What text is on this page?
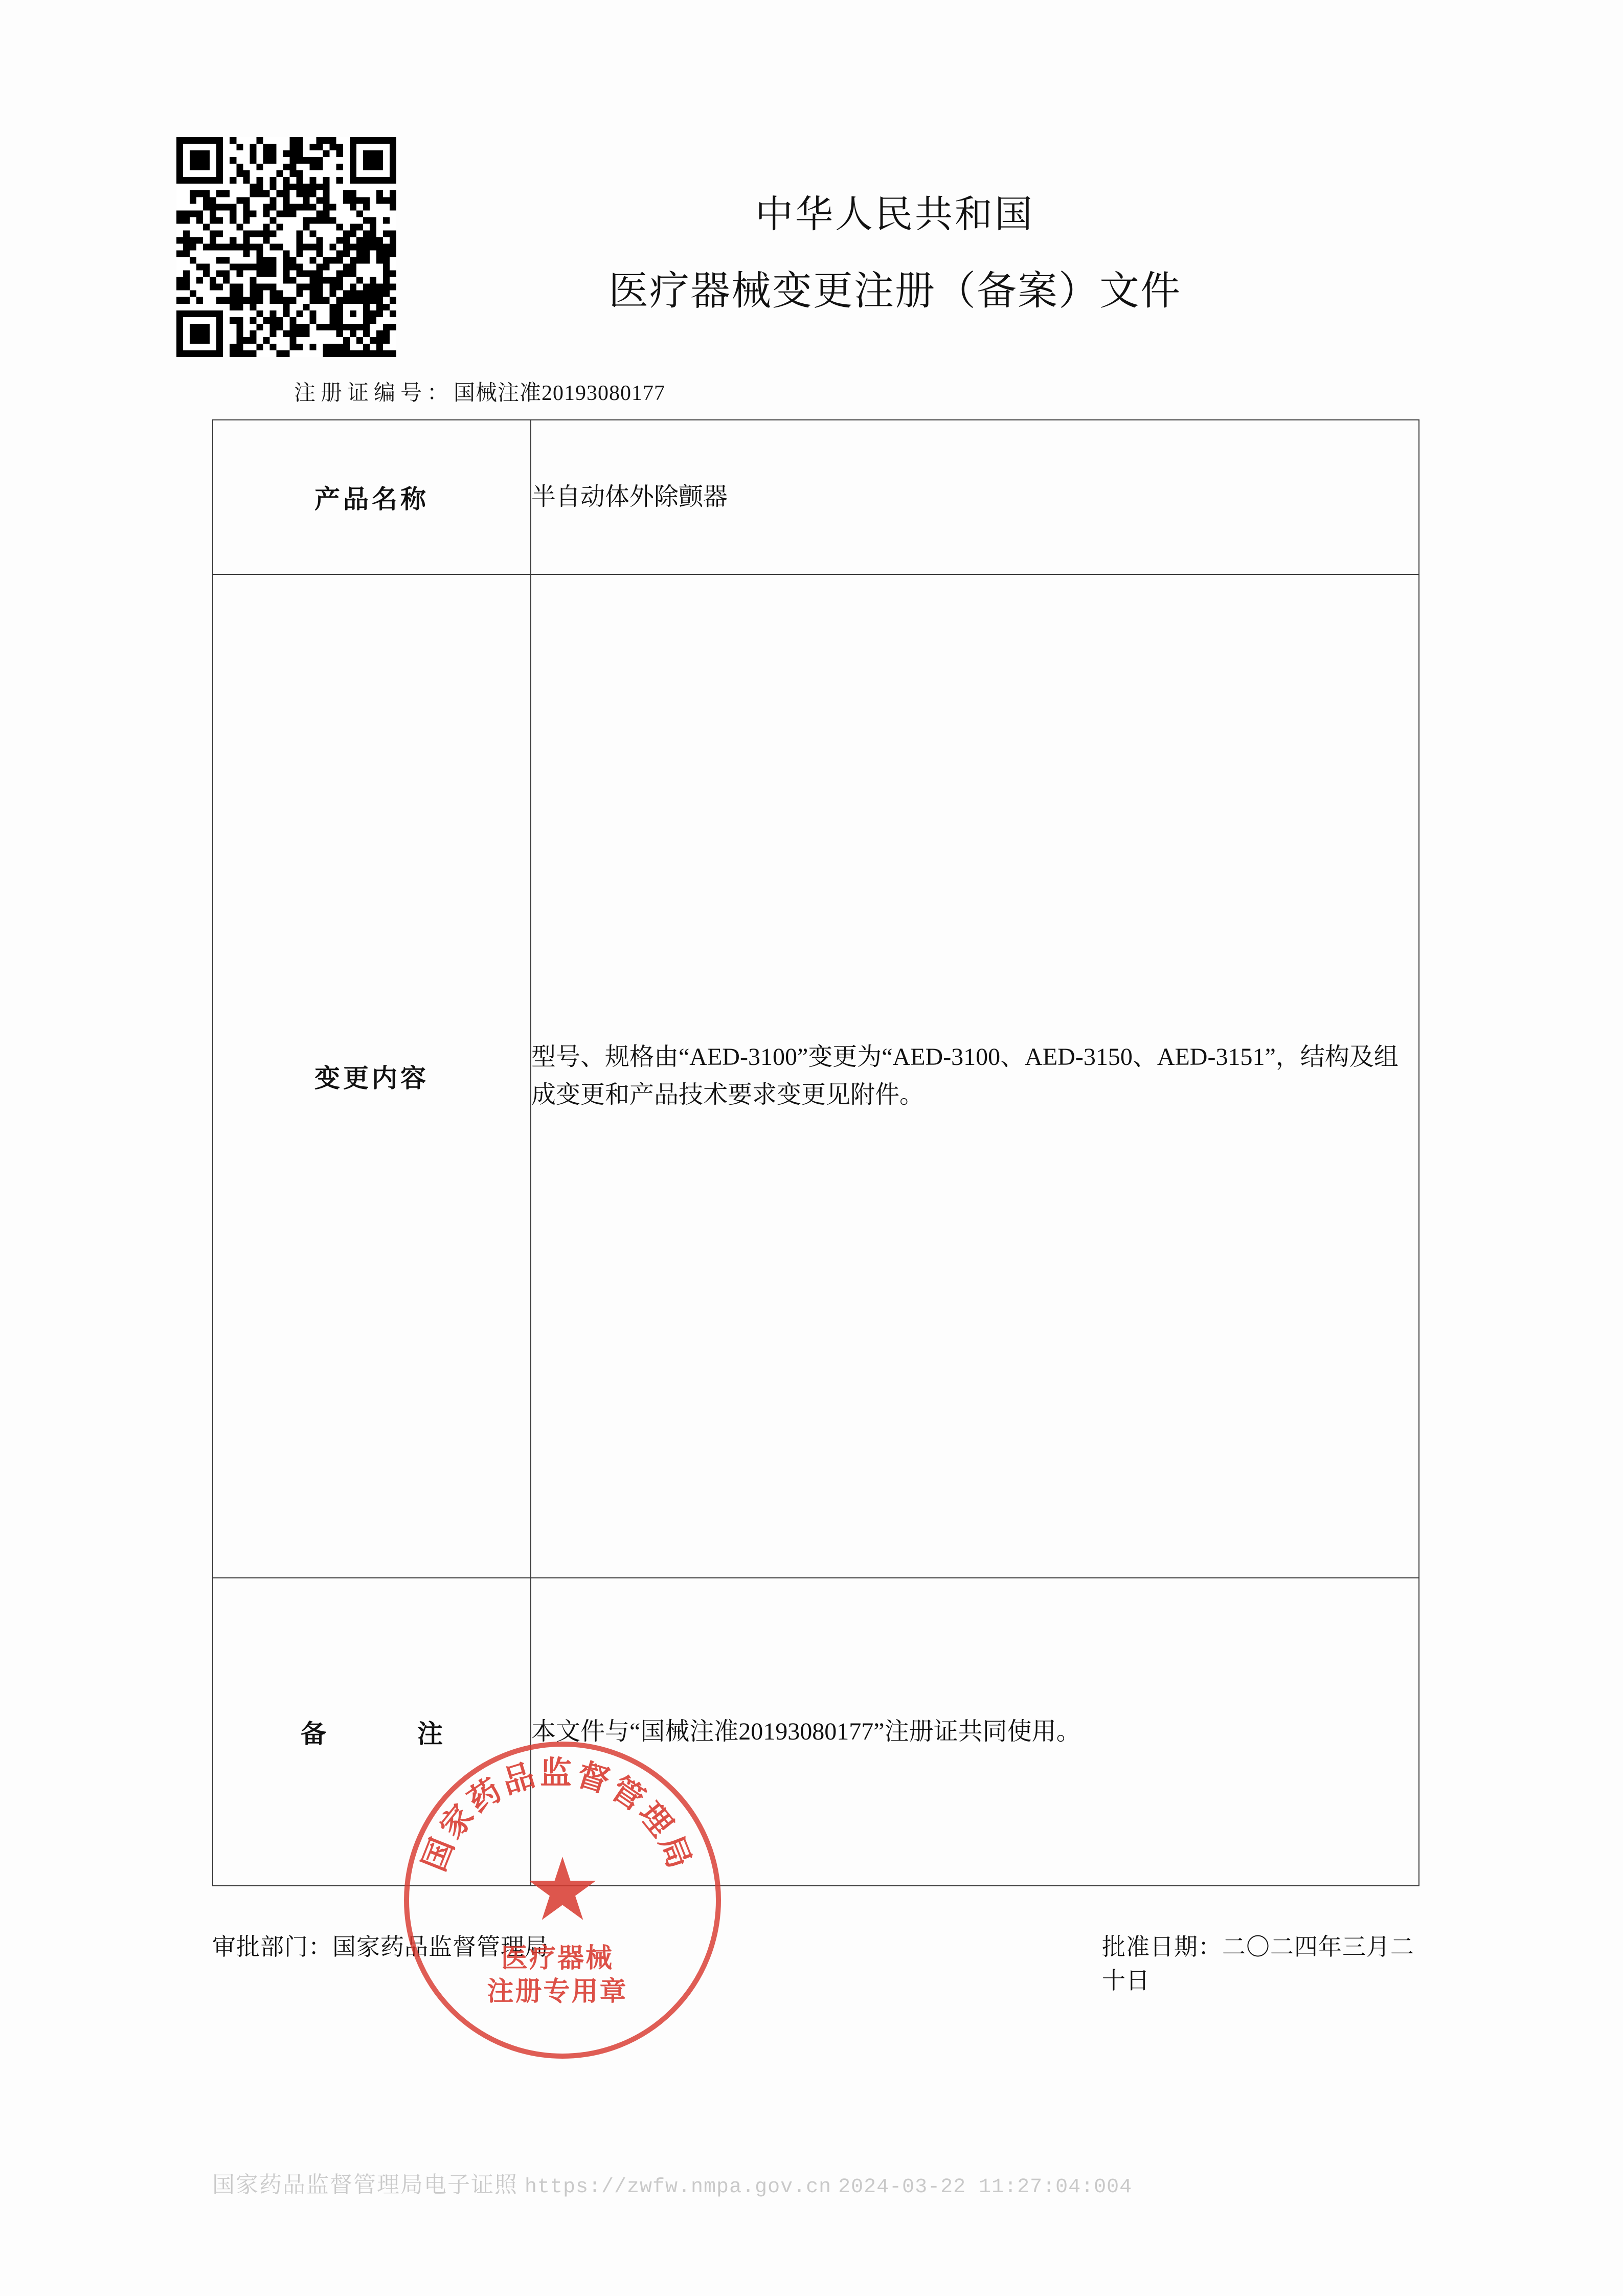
中华人民共和国
医疗器械变更注册（备案）文件
注册证编号：国械注准20193080177
产品名称	半自动体外除颤器
变更内容	型号、规格由“AED-3100”变更为“AED-3100、AED-3150、AED-3151”，结构及组成变更和产品技术要求变更见附件。
备　　注	本文件与“国械注准20193080177”注册证共同使用。
审批部门：国家药品监督管理局	批准日期：二〇二四年三月二十日
国家药品监督管理局
★
医疗器械
注册专用章
国家药品监督管理局电子证照 https://zwfw.nmpa.gov.cn 2024-03-22 11:27:04:004
